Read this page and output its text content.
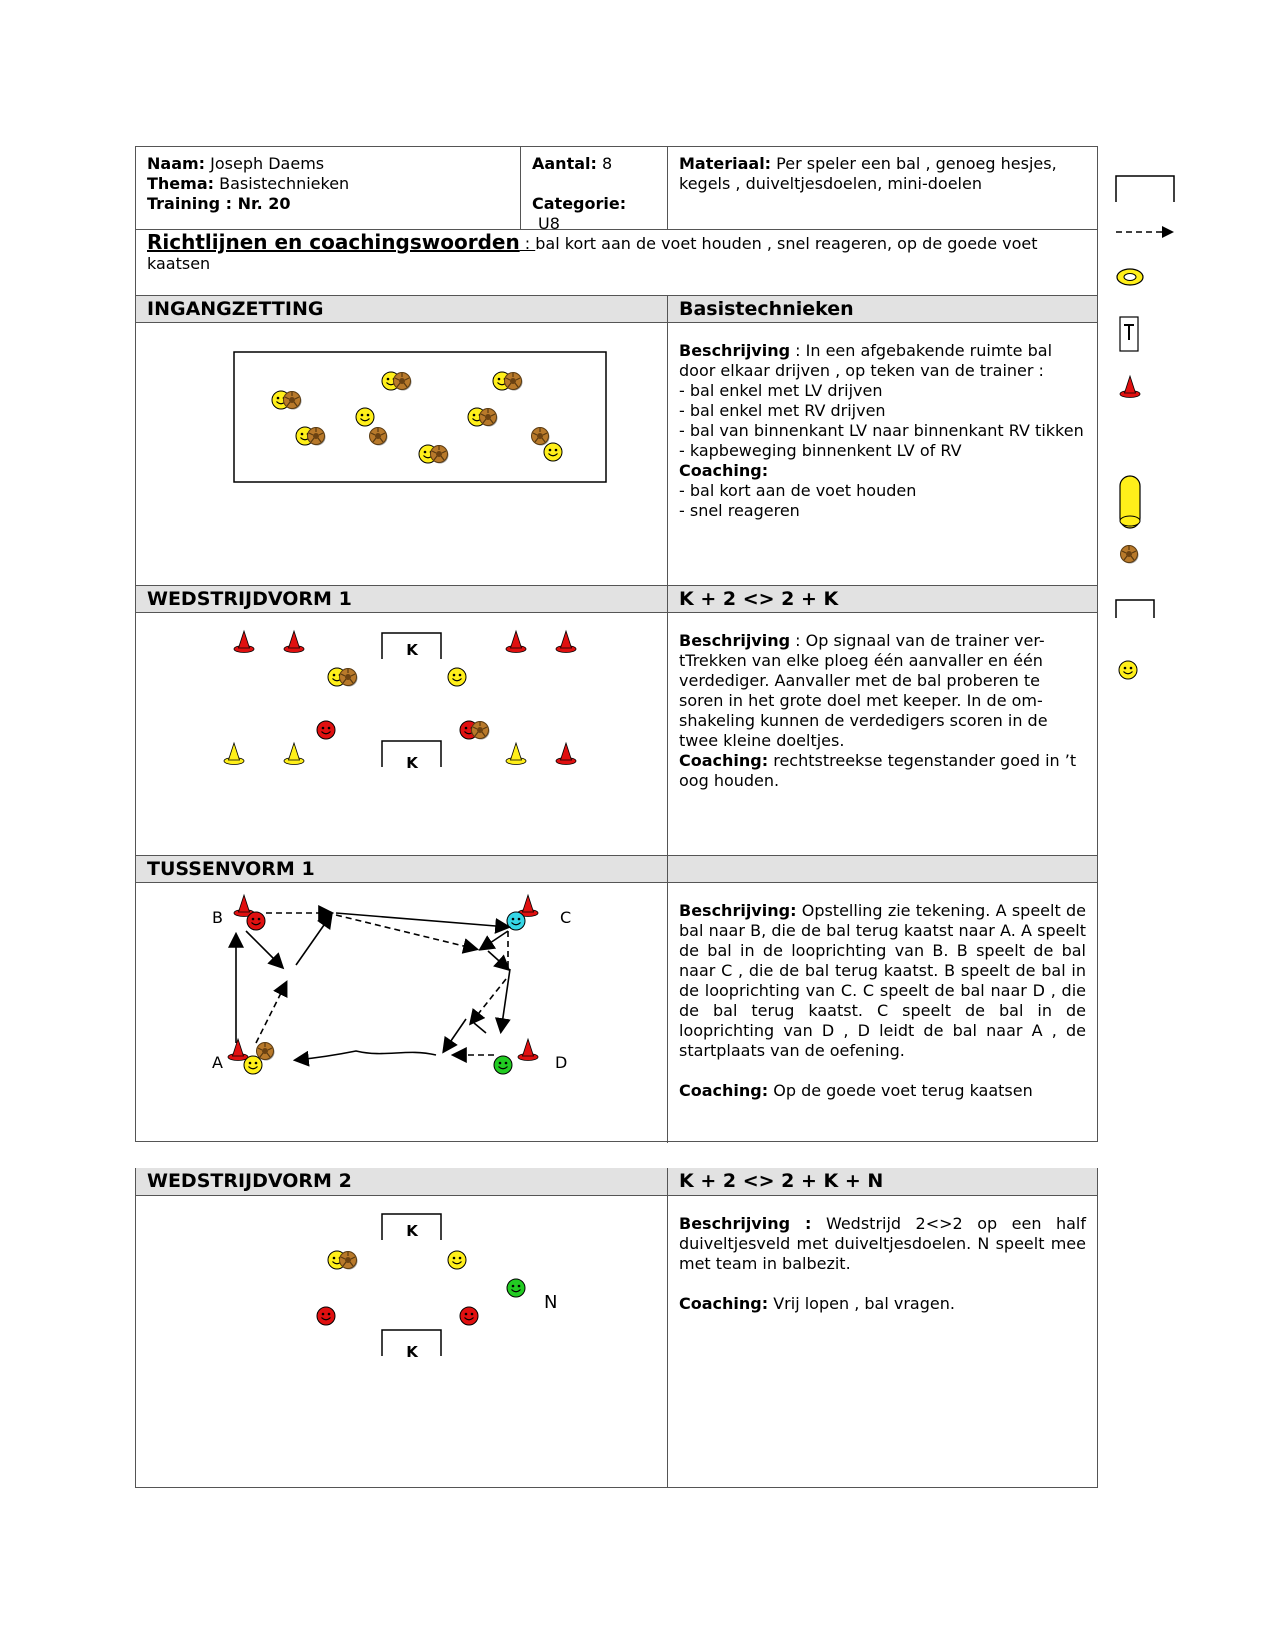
Naam: Joseph Daems
Thema: Basistechnieken
Training : Nr. 20
Aantal: 8
Categorie:
U8
Materiaal: Per speler een bal , genoeg hesjes, kegels , duiveltjesdoelen, mini-doelen
Richtlijnen en coachingswoorden : bal kort aan de voet houden , snel reageren, op de goede voet kaatsen
INGANGZETTING	Basistechnieken

Beschrijving : In een afgebakende ruimte bal door elkaar drijven , op teken van de trainer :

- bal enkel met LV drijven

- bal enkel met RV drijven

- bal van binnenkant LV naar binnenkant RV tikken

- kapbeweging binnenkent LV of RV

Coaching:

- bal kort aan de voet houden

- snel reageren

WEDSTRIJDVORM 1	K + 2 <> 2 + K
K
K

Beschrijving : Op signaal van de trainer ver-tTrekken van elke ploeg één aanvaller en één verdediger. Aanvaller met de bal proberen te soren in het grote doel met keeper. In de om-shakeling kunnen de verdedigers scoren in de twee kleine doeltjes.

Coaching: rechtstreekse tegenstander goed in ’t oog houden.

TUSSENVORM 1
B	C
A	D

Beschrijving: Opstelling zie tekening. A speelt de bal naar B, die de bal terug kaatst naar A. A speelt de bal in de looprichting van B. B speelt de bal naar C , die de bal terug kaatst. B speelt de bal in de looprichting van C. C speelt de bal naar D , die de bal terug kaatst. C speelt de bal in de looprichting van D , D leidt de bal naar A , de startplaats van de oefening.

Coaching: Op de goede voet terug kaatsen

WEDSTRIJDVORM 2	K + 2 <> 2 + K + N
K
K
N

Beschrijving : Wedstrijd 2<>2 op een half duiveltjesveld met duiveltjesdoelen. N speelt mee met team in balbezit.

Coaching: Vrij lopen , bal vragen.
